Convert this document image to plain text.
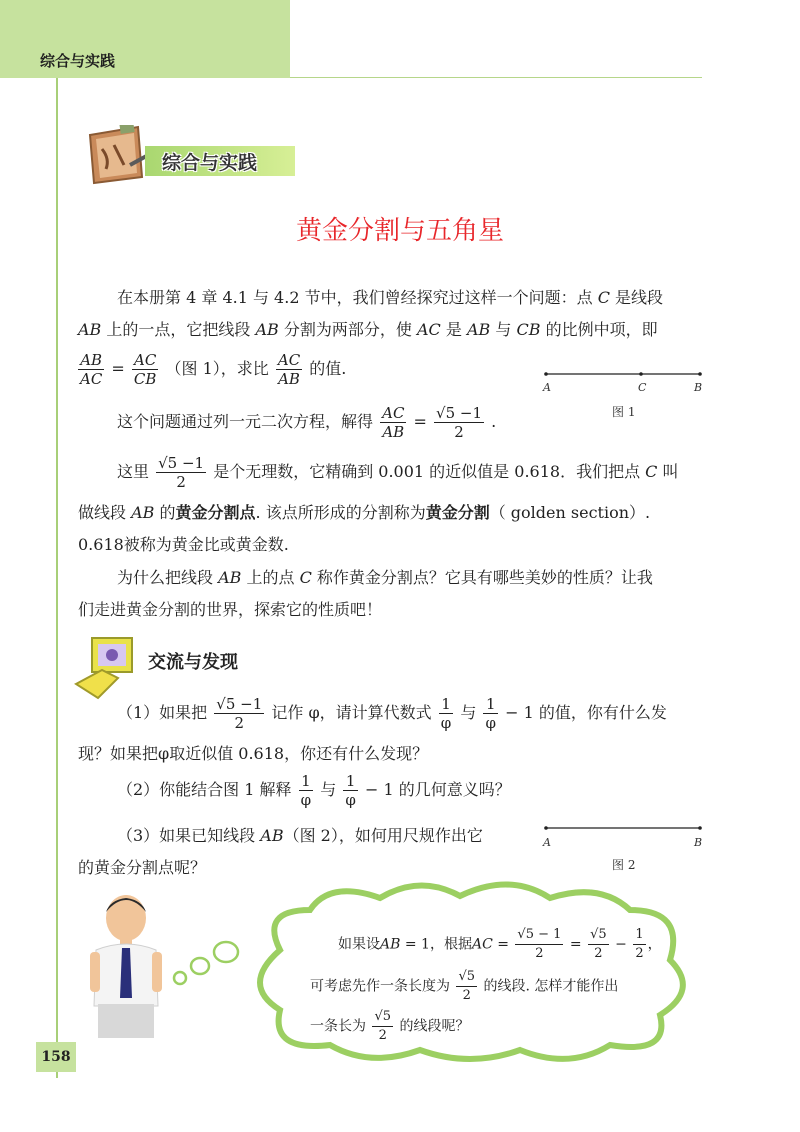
综合与实践
综合与实践
黄金分割与五角星
在本册第 4 章 4.1 与 4.2 节中，我们曾经探究过这样一个问题：点 C 是线段
AB 上的一点，它把线段 AB 分割为两部分，使 AC 是 AB 与 CB 的比例中项，即
$\frac{AB}{AC} = \frac{AC}{CB}$ （图 1），求比 $\frac{AC}{AB}$ 的值.
A	C	B
图 1
这个问题通过列一元二次方程，解得 $\frac{AC}{AB} = \frac{√5 -1}{2}$ .
这里 $\frac{√5 -1}{2}$ 是个无理数，它精确到 0.001 的近似值是 0.618．我们把点 C 叫
做线段 AB 的黄金分割点. 该点所形成的分割称为黄金分割（ golden section）.
0.618被称为黄金比或黄金数.
为什么把线段 AB 上的点 C 称作黄金分割点？它具有哪些美妙的性质？让我
们走进黄金分割的世界，探索它的性质吧！
交流与发现
（1）如果把 $\frac{√5 -1}{2}$ 记作 φ，请计算代数式 $\frac{1}{\varphi}$ 与 $\frac{1}{\varphi} - 1$ 的值，你有什么发
现？如果把φ取近似值 0.618，你还有什么发现？
（2）你能结合图 1 解释 $\frac{1}{\varphi}$ 与 $\frac{1}{\varphi} - 1$ 的几何意义吗？
（3）如果已知线段 AB（图 2），如何用尺规作出它
的黄金分割点呢？
A	B
图 2
如果设AB = 1，根据AC = $\frac{√5 - 1}{2} = \frac{√5}{2} - \frac{1}{2}$ ，
可考虑先作一条长度为 $\frac{√5}{2}$ 的线段. 怎样才能作出
一条长为 $\frac{√5}{2}$ 的线段呢？
158
